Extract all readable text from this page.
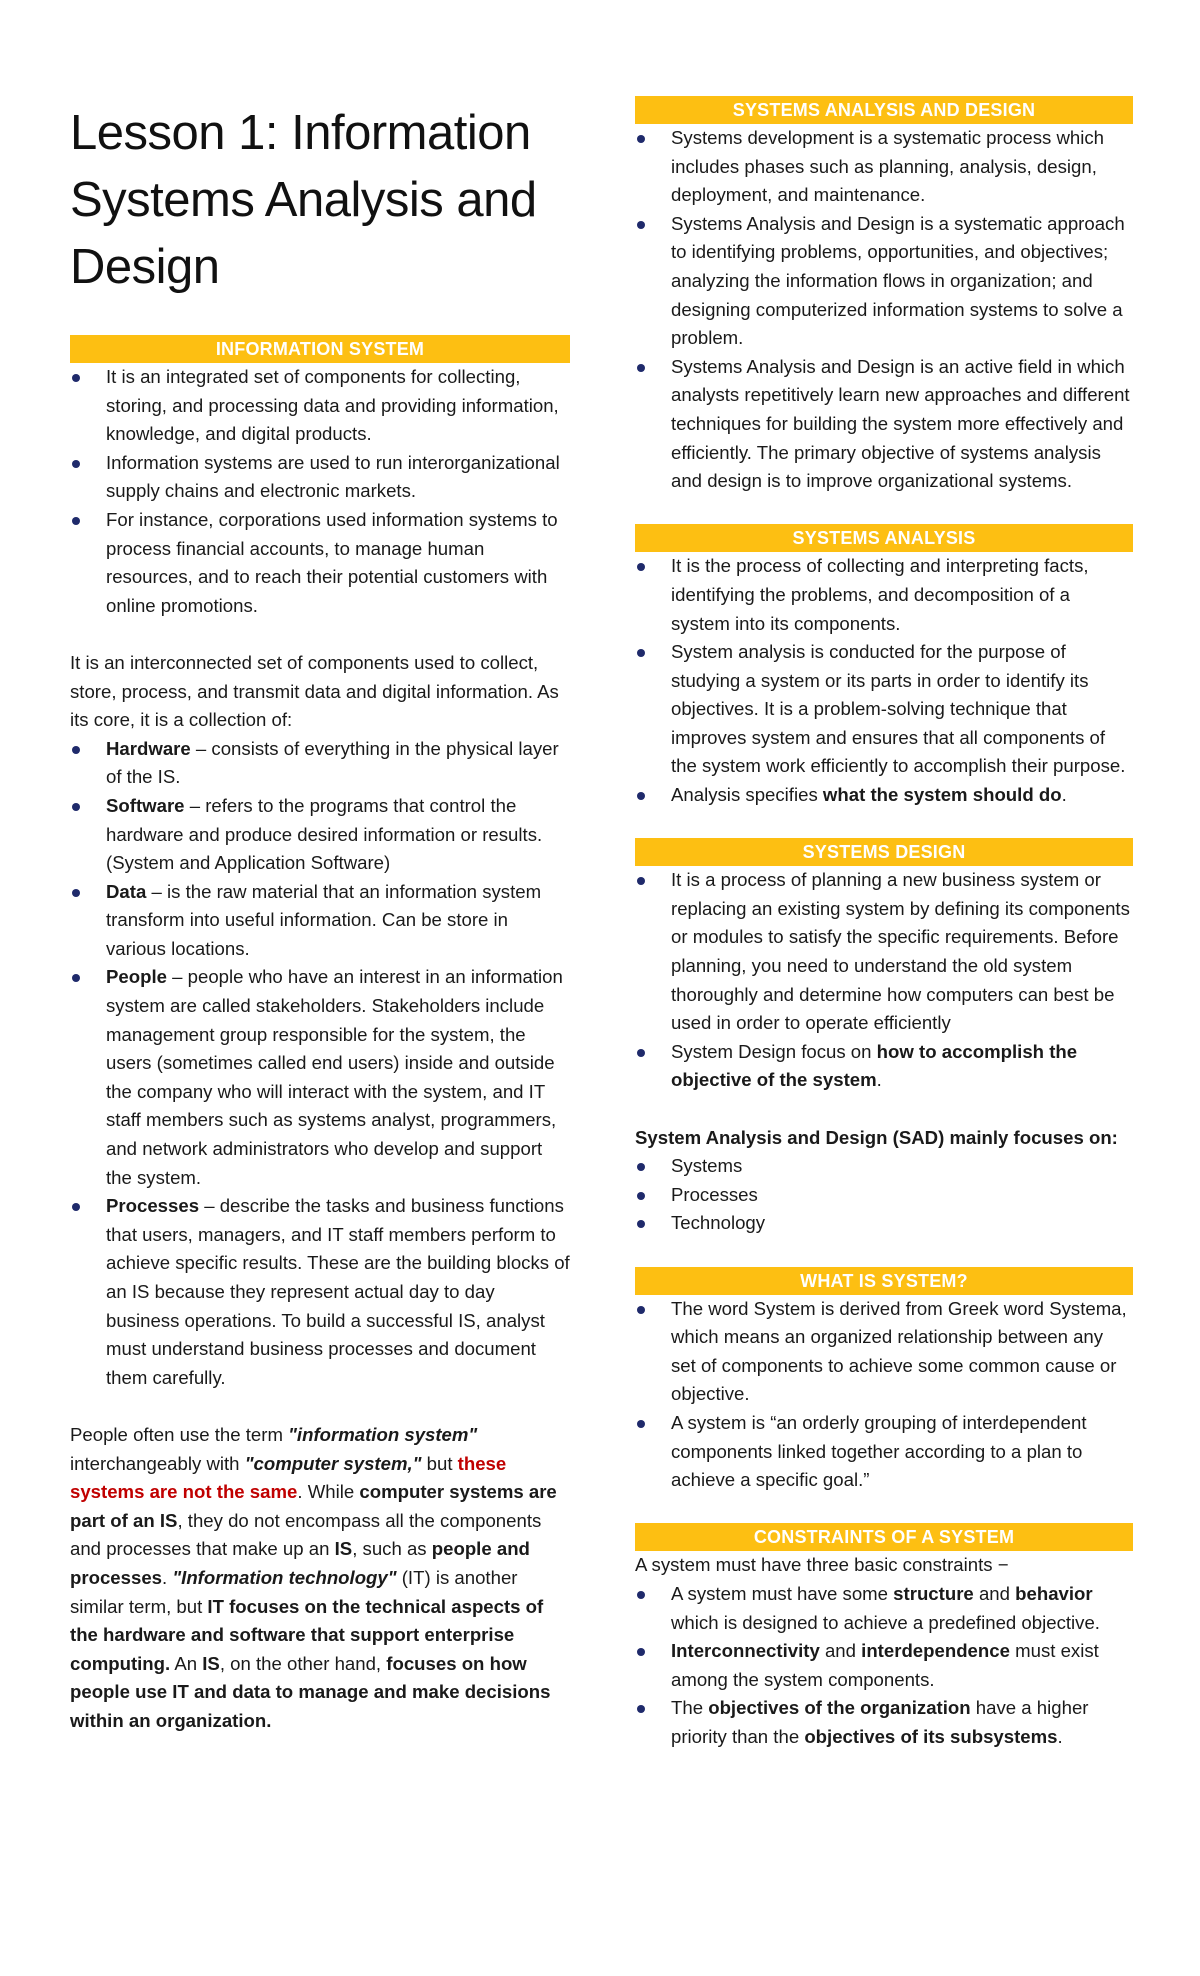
Lesson 1: Information Systems Analysis and Design
INFORMATION SYSTEM
It is an integrated set of components for collecting, storing, and processing data and providing information, knowledge, and digital products.
Information systems are used to run interorganizational supply chains and electronic markets.
For instance, corporations used information systems to process financial accounts, to manage human resources, and to reach their potential customers with online promotions.

It is an interconnected set of components used to collect, store, process, and transmit data and digital information. As its core, it is a collection of:

Hardware – consists of everything in the physical layer of the IS.
Software – refers to the programs that control the hardware and produce desired information or results. (System and Application Software)
Data – is the raw material that an information system transform into useful information. Can be store in various locations.
People – people who have an interest in an information system are called stakeholders. Stakeholders include management group responsible for the system, the users (sometimes called end users) inside and outside the company who will interact with the system, and IT staff members such as systems analyst, programmers, and network administrators who develop and support the system.
Processes – describe the tasks and business functions that users, managers, and IT staff members perform to achieve specific results. These are the building blocks of an IS because they represent actual day to day business operations. To build a successful IS, analyst must understand business processes and document them carefully.

People often use the term "information system" interchangeably with "computer system," but these systems are not the same. While computer systems are part of an IS, they do not encompass all the components and processes that make up an IS, such as people and processes. "Information technology" (IT) is another similar term, but IT focuses on the technical aspects of the hardware and software that support enterprise computing. An IS, on the other hand, focuses on how people use IT and data to manage and make decisions within an organization.

SYSTEMS ANALYSIS AND DESIGN
Systems development is a systematic process which includes phases such as planning, analysis, design, deployment, and maintenance.
Systems Analysis and Design is a systematic approach to identifying problems, opportunities, and objectives; analyzing the information flows in organization; and designing computerized information systems to solve a problem.
Systems Analysis and Design is an active field in which analysts repetitively learn new approaches and different techniques for building the system more effectively and efficiently. The primary objective of systems analysis and design is to improve organizational systems.
SYSTEMS ANALYSIS
It is the process of collecting and interpreting facts, identifying the problems, and decomposition of a system into its components.
System analysis is conducted for the purpose of studying a system or its parts in order to identify its objectives. It is a problem-solving technique that improves system and ensures that all components of the system work efficiently to accomplish their purpose.
Analysis specifies what the system should do.
SYSTEMS DESIGN
It is a process of planning a new business system or replacing an existing system by defining its components or modules to satisfy the specific requirements. Before planning, you need to understand the old system thoroughly and determine how computers can best be used in order to operate efficiently
System Design focus on how to accomplish the objective of the system.

System Analysis and Design (SAD) mainly focuses on:

Systems
Processes
Technology
WHAT IS SYSTEM?
The word System is derived from Greek word Systema, which means an organized relationship between any set of components to achieve some common cause or objective.
A system is “an orderly grouping of interdependent components linked together according to a plan to achieve a specific goal.”
CONSTRAINTS OF A SYSTEM

A system must have three basic constraints −

A system must have some structure and behavior which is designed to achieve a predefined objective.
Interconnectivity and interdependence must exist among the system components.
The objectives of the organization have a higher priority than the objectives of its subsystems.
